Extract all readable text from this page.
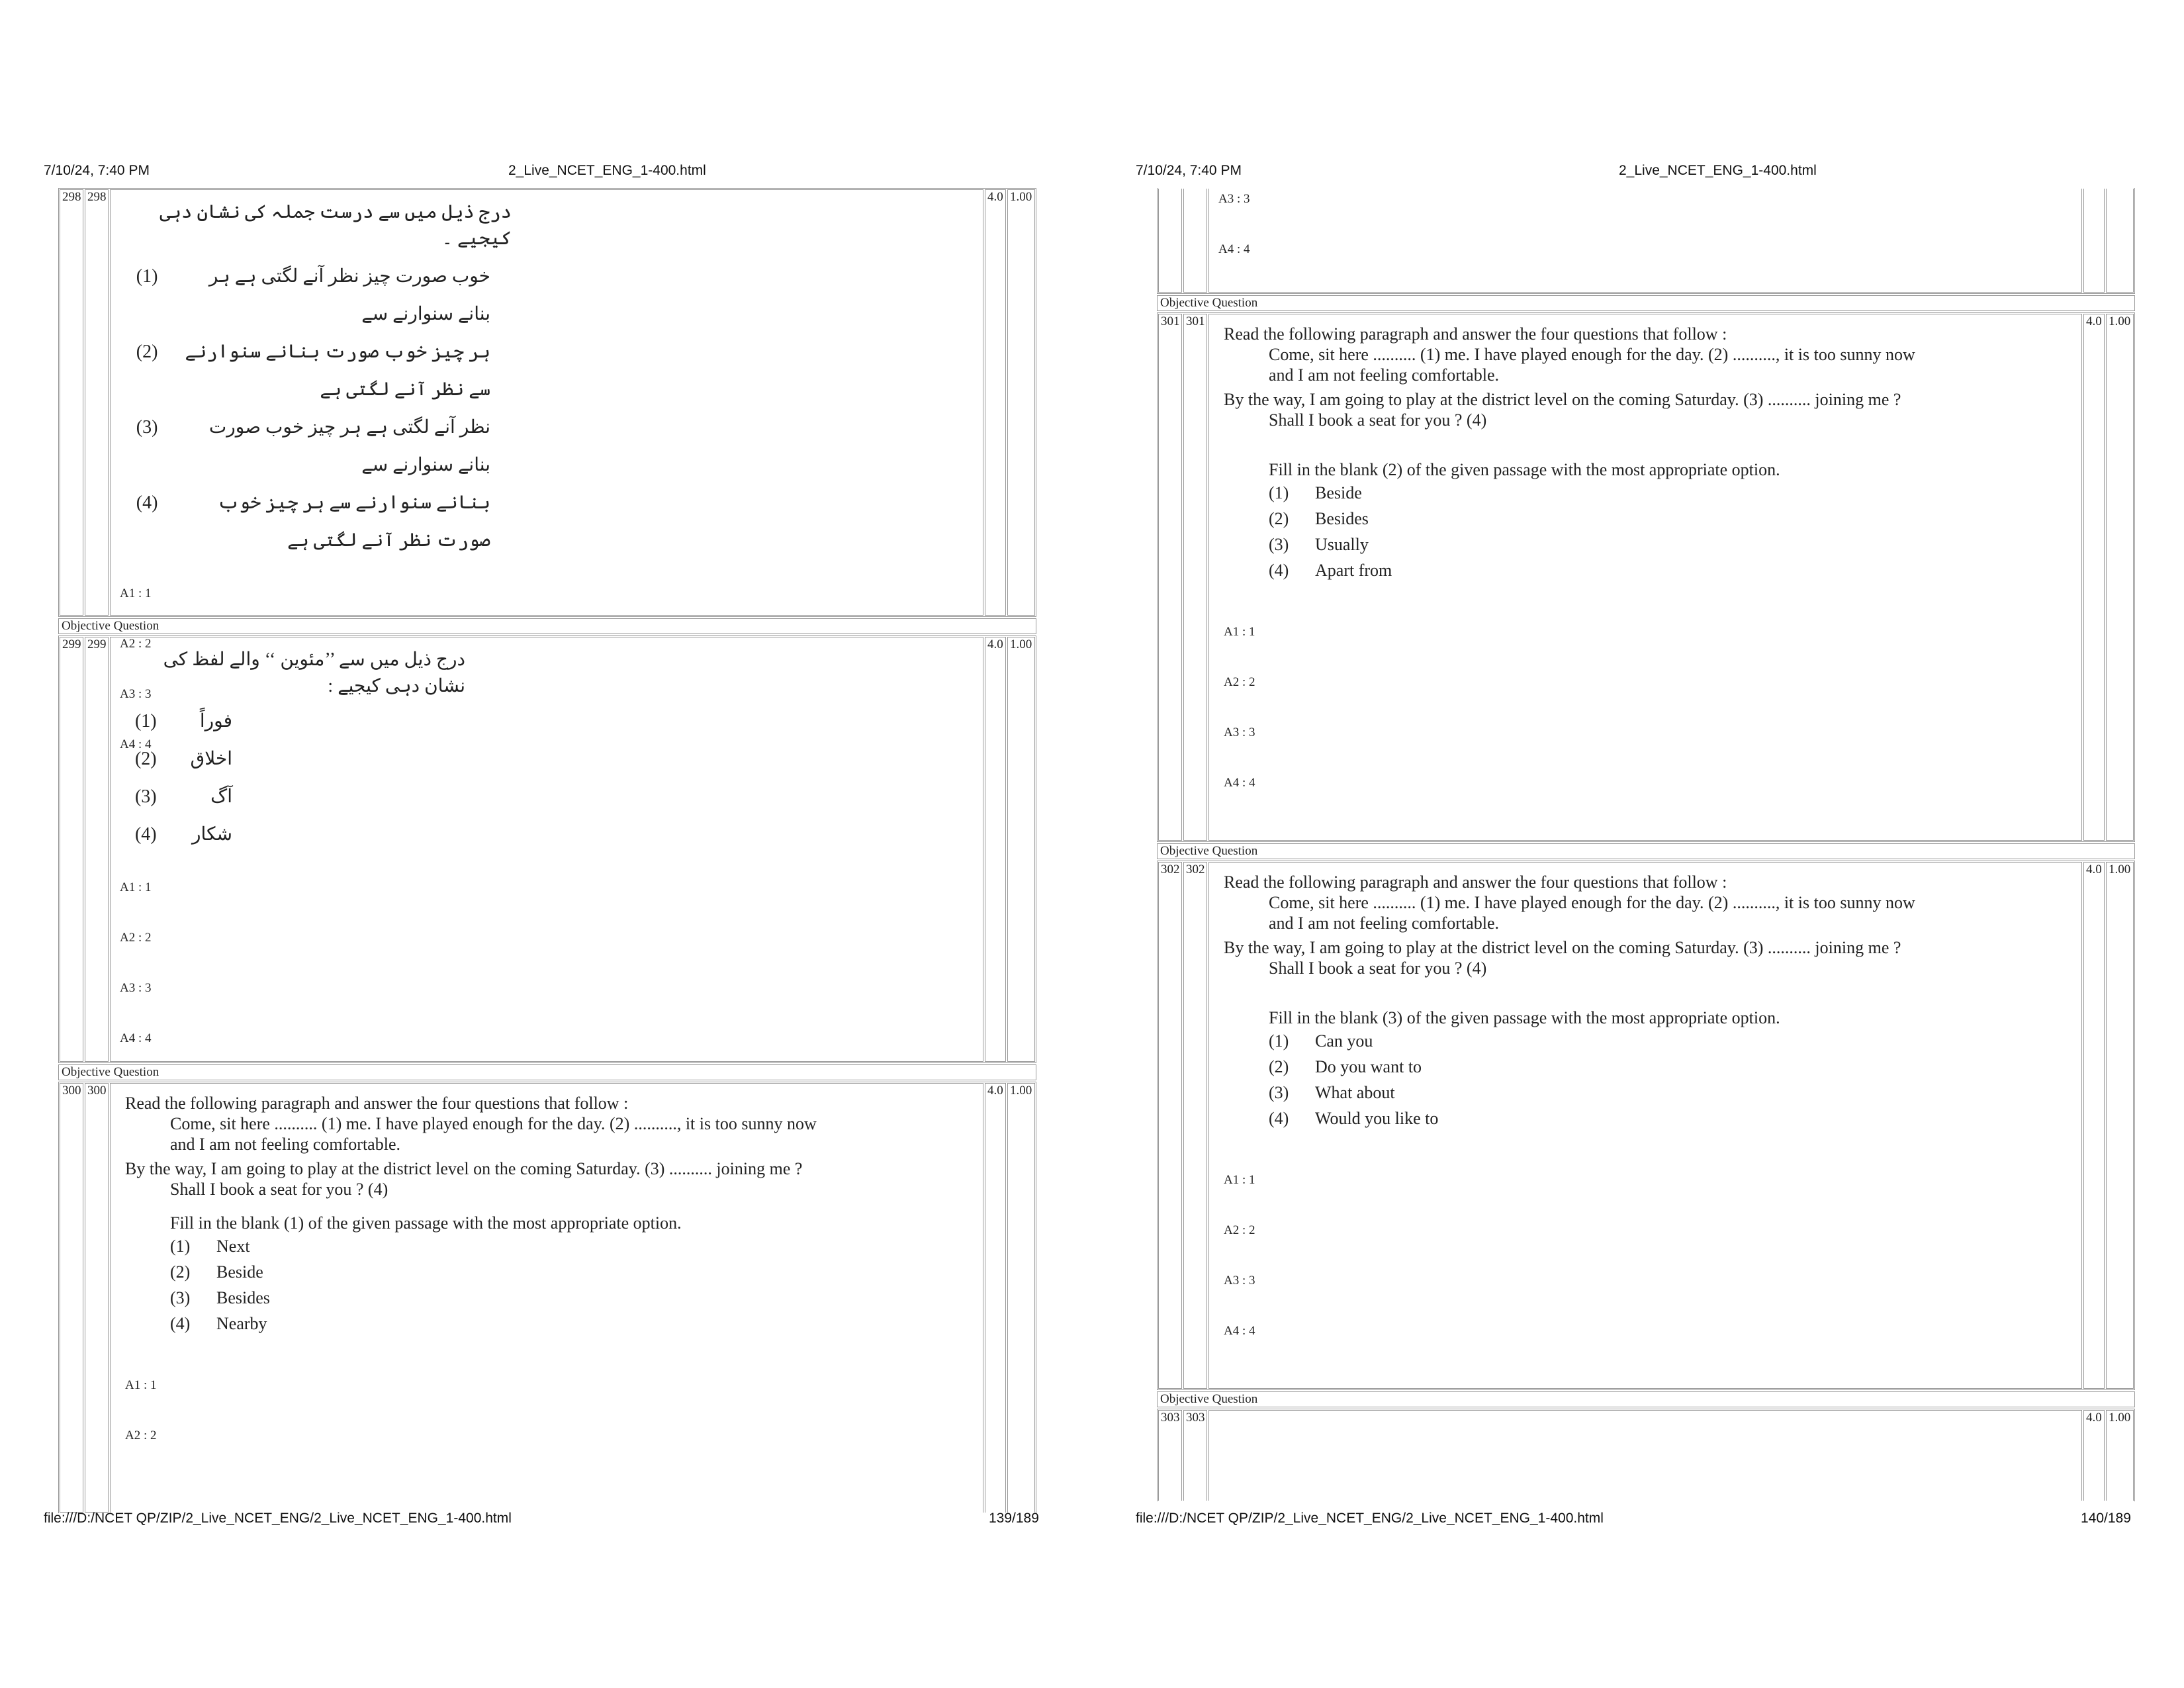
7/10/24, 7:40 PM	2_Live_NCET_ENG_1-400.html
298 298
درج ذیل میں سے درست جملہ کی نشان دہی کیجیے ۔
خوب صورت چیز نظر آنے لگتی ہے ہر بنانے سنوارنے سے
(1)
ہر چیز خوب صورت بنانے سنوارنے سے نظر آنے لگتی ہے
(2)
نظر آنے لگتی ہے ہر چیز خوب صورت بنانے سنوارنے سے
(3)
بنانے سنوارنے سے ہر چیز خوب صورت نظر آنے لگتی ہے
(4)
A1 : 1
A2 : 2
A3 : 3
A4 : 4
4.0 1.00
Objective Question
299 299
درج ذیل میں سے ’’مئوین ‘‘ والے لفظ کی نشان دہی کیجیے :
فوراً
(1)
اخلاق
(2)
آگ
(3)
شکار
(4)
A1 : 1
A2 : 2
A3 : 3
A4 : 4
4.0 1.00
Objective Question
300 300
Read the following paragraph and answer the four questions that follow :
Come, sit here .......... (1) me. I have played enough for the day. (2) .........., it is too sunny now
and I am not feeling comfortable.
By the way, I am going to play at the district level on the coming Saturday. (3) .......... joining me ?
Shall I book a seat for you ? (4)
Fill in the blank (1) of the given passage with the most appropriate option.
(1) Next
(2) Beside
(3) Besides
(4) Nearby
A1 : 1
A2 : 2
4.0 1.00
file:///D:/NCET QP/ZIP/2_Live_NCET_ENG/2_Live_NCET_ENG_1-400.html	139/189
7/10/24, 7:40 PM	2_Live_NCET_ENG_1-400.html
A3 : 3
A4 : 4
Objective Question
301 301
Read the following paragraph and answer the four questions that follow :
Come, sit here .......... (1) me. I have played enough for the day. (2) .........., it is too sunny now
and I am not feeling comfortable.
By the way, I am going to play at the district level on the coming Saturday. (3) .......... joining me ?
Shall I book a seat for you ? (4)
Fill in the blank (2) of the given passage with the most appropriate option.
(1) Beside
(2) Besides
(3) Usually
(4) Apart from
A1 : 1
A2 : 2
A3 : 3
A4 : 4
4.0 1.00
Objective Question
302 302
Read the following paragraph and answer the four questions that follow :
Come, sit here .......... (1) me. I have played enough for the day. (2) .........., it is too sunny now
and I am not feeling comfortable.
By the way, I am going to play at the district level on the coming Saturday. (3) .......... joining me ?
Shall I book a seat for you ? (4)
Fill in the blank (3) of the given passage with the most appropriate option.
(1) Can you
(2) Do you want to
(3) What about
(4) Would you like to
A1 : 1
A2 : 2
A3 : 3
A4 : 4
4.0 1.00
Objective Question
303 303	4.0 1.00
file:///D:/NCET QP/ZIP/2_Live_NCET_ENG/2_Live_NCET_ENG_1-400.html	140/189
